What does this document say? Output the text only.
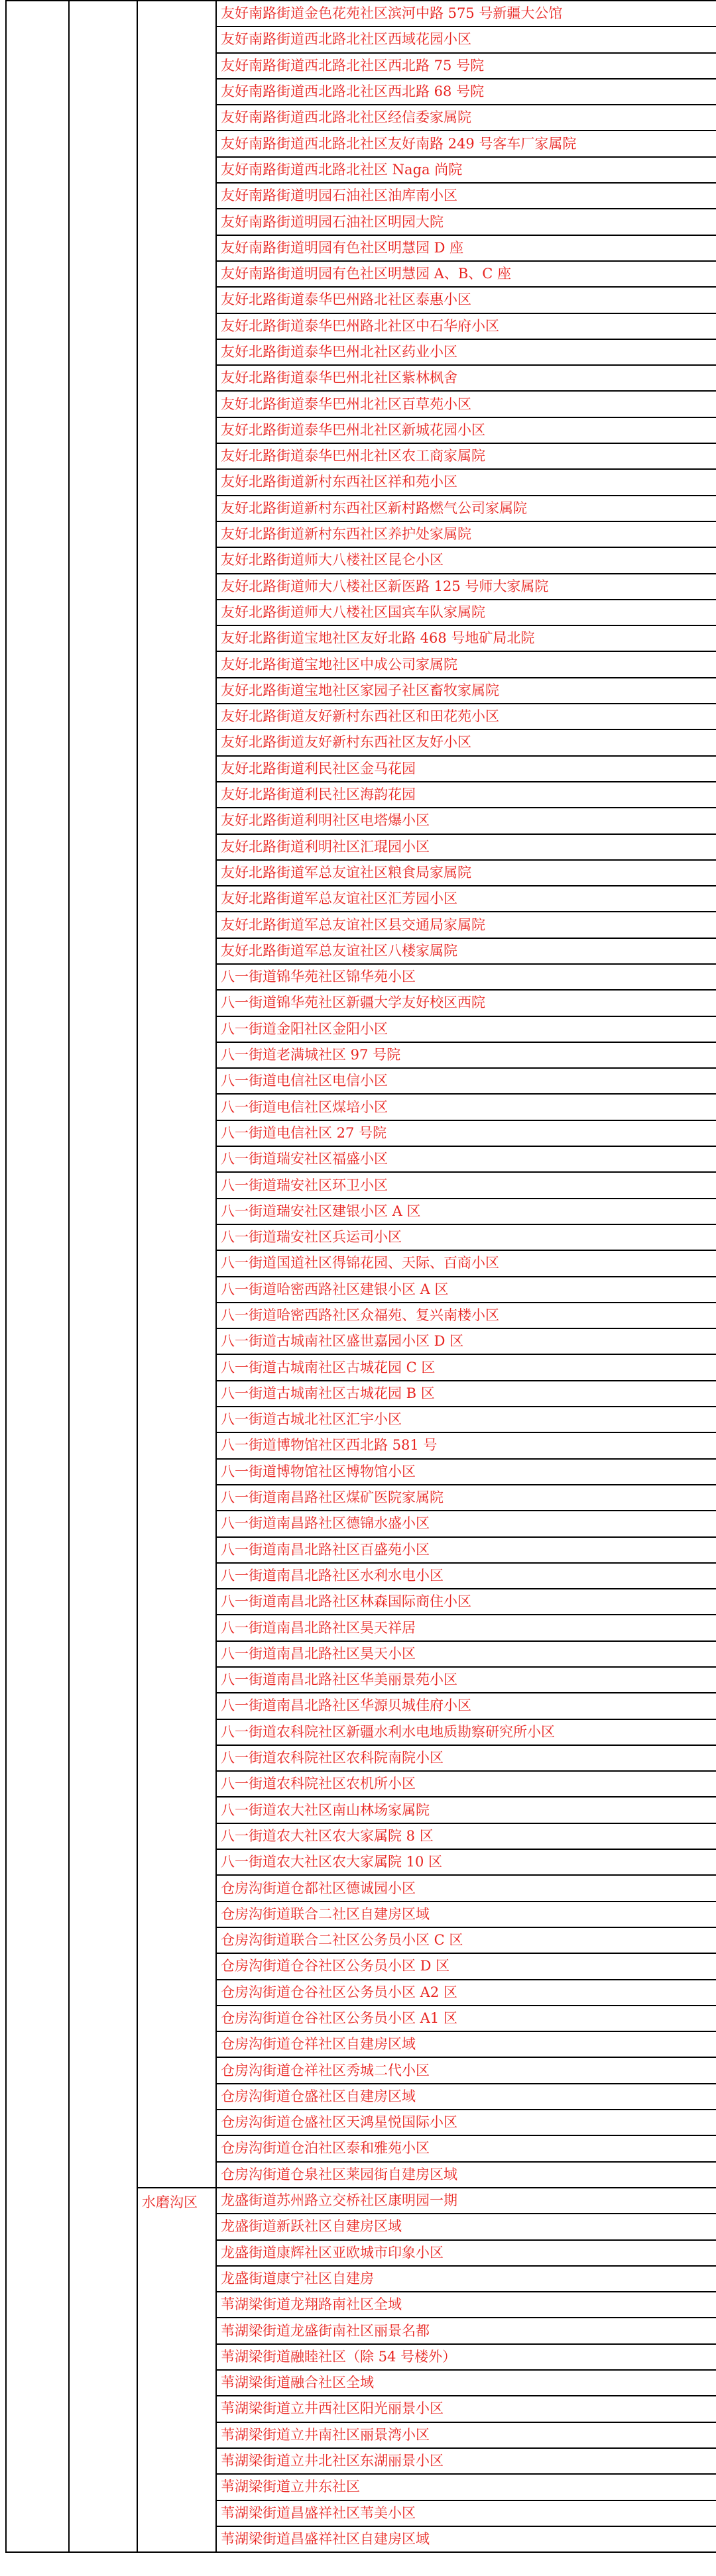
			友好南路街道金色花苑社区滨河中路 575 号新疆大公馆
			友好南路街道西北路北社区西域花园小区
			友好南路街道西北路北社区西北路 75 号院
			友好南路街道西北路北社区西北路 68 号院
			友好南路街道西北路北社区经信委家属院
			友好南路街道西北路北社区友好南路 249 号客车厂家属院
			友好南路街道西北路北社区 Naga 尚院
			友好南路街道明园石油社区油库南小区
			友好南路街道明园石油社区明园大院
			友好南路街道明园有色社区明慧园 D 座
			友好南路街道明园有色社区明慧园 A、B、C 座
			友好北路街道泰华巴州路北社区泰惠小区
			友好北路街道泰华巴州路北社区中石华府小区
			友好北路街道泰华巴州北社区药业小区
			友好北路街道泰华巴州北社区紫林枫舍
			友好北路街道泰华巴州北社区百草苑小区
			友好北路街道泰华巴州北社区新城花园小区
			友好北路街道泰华巴州北社区农工商家属院
			友好北路街道新村东西社区祥和苑小区
			友好北路街道新村东西社区新村路燃气公司家属院
			友好北路街道新村东西社区养护处家属院
			友好北路街道师大八楼社区昆仑小区
			友好北路街道师大八楼社区新医路 125 号师大家属院
			友好北路街道师大八楼社区国宾车队家属院
			友好北路街道宝地社区友好北路 468 号地矿局北院
			友好北路街道宝地社区中成公司家属院
			友好北路街道宝地社区家园子社区畜牧家属院
			友好北路街道友好新村东西社区和田花苑小区
			友好北路街道友好新村东西社区友好小区
			友好北路街道利民社区金马花园
			友好北路街道利民社区海韵花园
			友好北路街道利明社区电塔爆小区
			友好北路街道利明社区汇琨园小区
			友好北路街道军总友谊社区粮食局家属院
			友好北路街道军总友谊社区汇芳园小区
			友好北路街道军总友谊社区县交通局家属院
			友好北路街道军总友谊社区八楼家属院
			八一街道锦华苑社区锦华苑小区
			八一街道锦华苑社区新疆大学友好校区西院
			八一街道金阳社区金阳小区
			八一街道老满城社区 97 号院
			八一街道电信社区电信小区
			八一街道电信社区煤培小区
			八一街道电信社区 27 号院
			八一街道瑞安社区福盛小区
			八一街道瑞安社区环卫小区
			八一街道瑞安社区建银小区 A 区
			八一街道瑞安社区兵运司小区
			八一街道国道社区得锦花园、天际、百商小区
			八一街道哈密西路社区建银小区 A 区
			八一街道哈密西路社区众福苑、复兴南楼小区
			八一街道古城南社区盛世嘉园小区 D 区
			八一街道古城南社区古城花园 C 区
			八一街道古城南社区古城花园 B 区
			八一街道古城北社区汇宇小区
			八一街道博物馆社区西北路 581 号
			八一街道博物馆社区博物馆小区
			八一街道南昌路社区煤矿医院家属院
			八一街道南昌路社区德锦水盛小区
			八一街道南昌北路社区百盛苑小区
			八一街道南昌北路社区水利水电小区
			八一街道南昌北路社区林森国际商住小区
			八一街道南昌北路社区昊天祥居
			八一街道南昌北路社区昊天小区
			八一街道南昌北路社区华美丽景苑小区
			八一街道南昌北路社区华源贝城佳府小区
			八一街道农科院社区新疆水利水电地质勘察研究所小区
			八一街道农科院社区农科院南院小区
			八一街道农科院社区农机所小区
			八一街道农大社区南山林场家属院
			八一街道农大社区农大家属院 8 区
			八一街道农大社区农大家属院 10 区
			仓房沟街道仓都社区德诚园小区
			仓房沟街道联合二社区自建房区域
			仓房沟街道联合二社区公务员小区 C 区
			仓房沟街道仓谷社区公务员小区 D 区
			仓房沟街道仓谷社区公务员小区 A2 区
			仓房沟街道仓谷社区公务员小区 A1 区
			仓房沟街道仓祥社区自建房区域
			仓房沟街道仓祥社区秀城二代小区
			仓房沟街道仓盛社区自建房区域
			仓房沟街道仓盛社区天鸿星悦国际小区
			仓房沟街道仓泊社区泰和雅苑小区
			仓房沟街道仓泉社区莱园街自建房区域

		水磨沟区	龙盛街道苏州路立交桥社区康明园一期
			龙盛街道新跃社区自建房区域
			龙盛街道康辉社区亚欧城市印象小区
			龙盛街道康宁社区自建房
			苇湖梁街道龙翔路南社区全域
			苇湖梁街道龙盛街南社区丽景名都
			苇湖梁街道融睦社区（除 54 号楼外）
			苇湖梁街道融合社区全域
			苇湖梁街道立井西社区阳光丽景小区
			苇湖梁街道立井南社区丽景湾小区
			苇湖梁街道立井北社区东湖丽景小区
			苇湖梁街道立井东社区
			苇湖梁街道昌盛祥社区苇美小区
			苇湖梁街道昌盛祥社区自建房区域
